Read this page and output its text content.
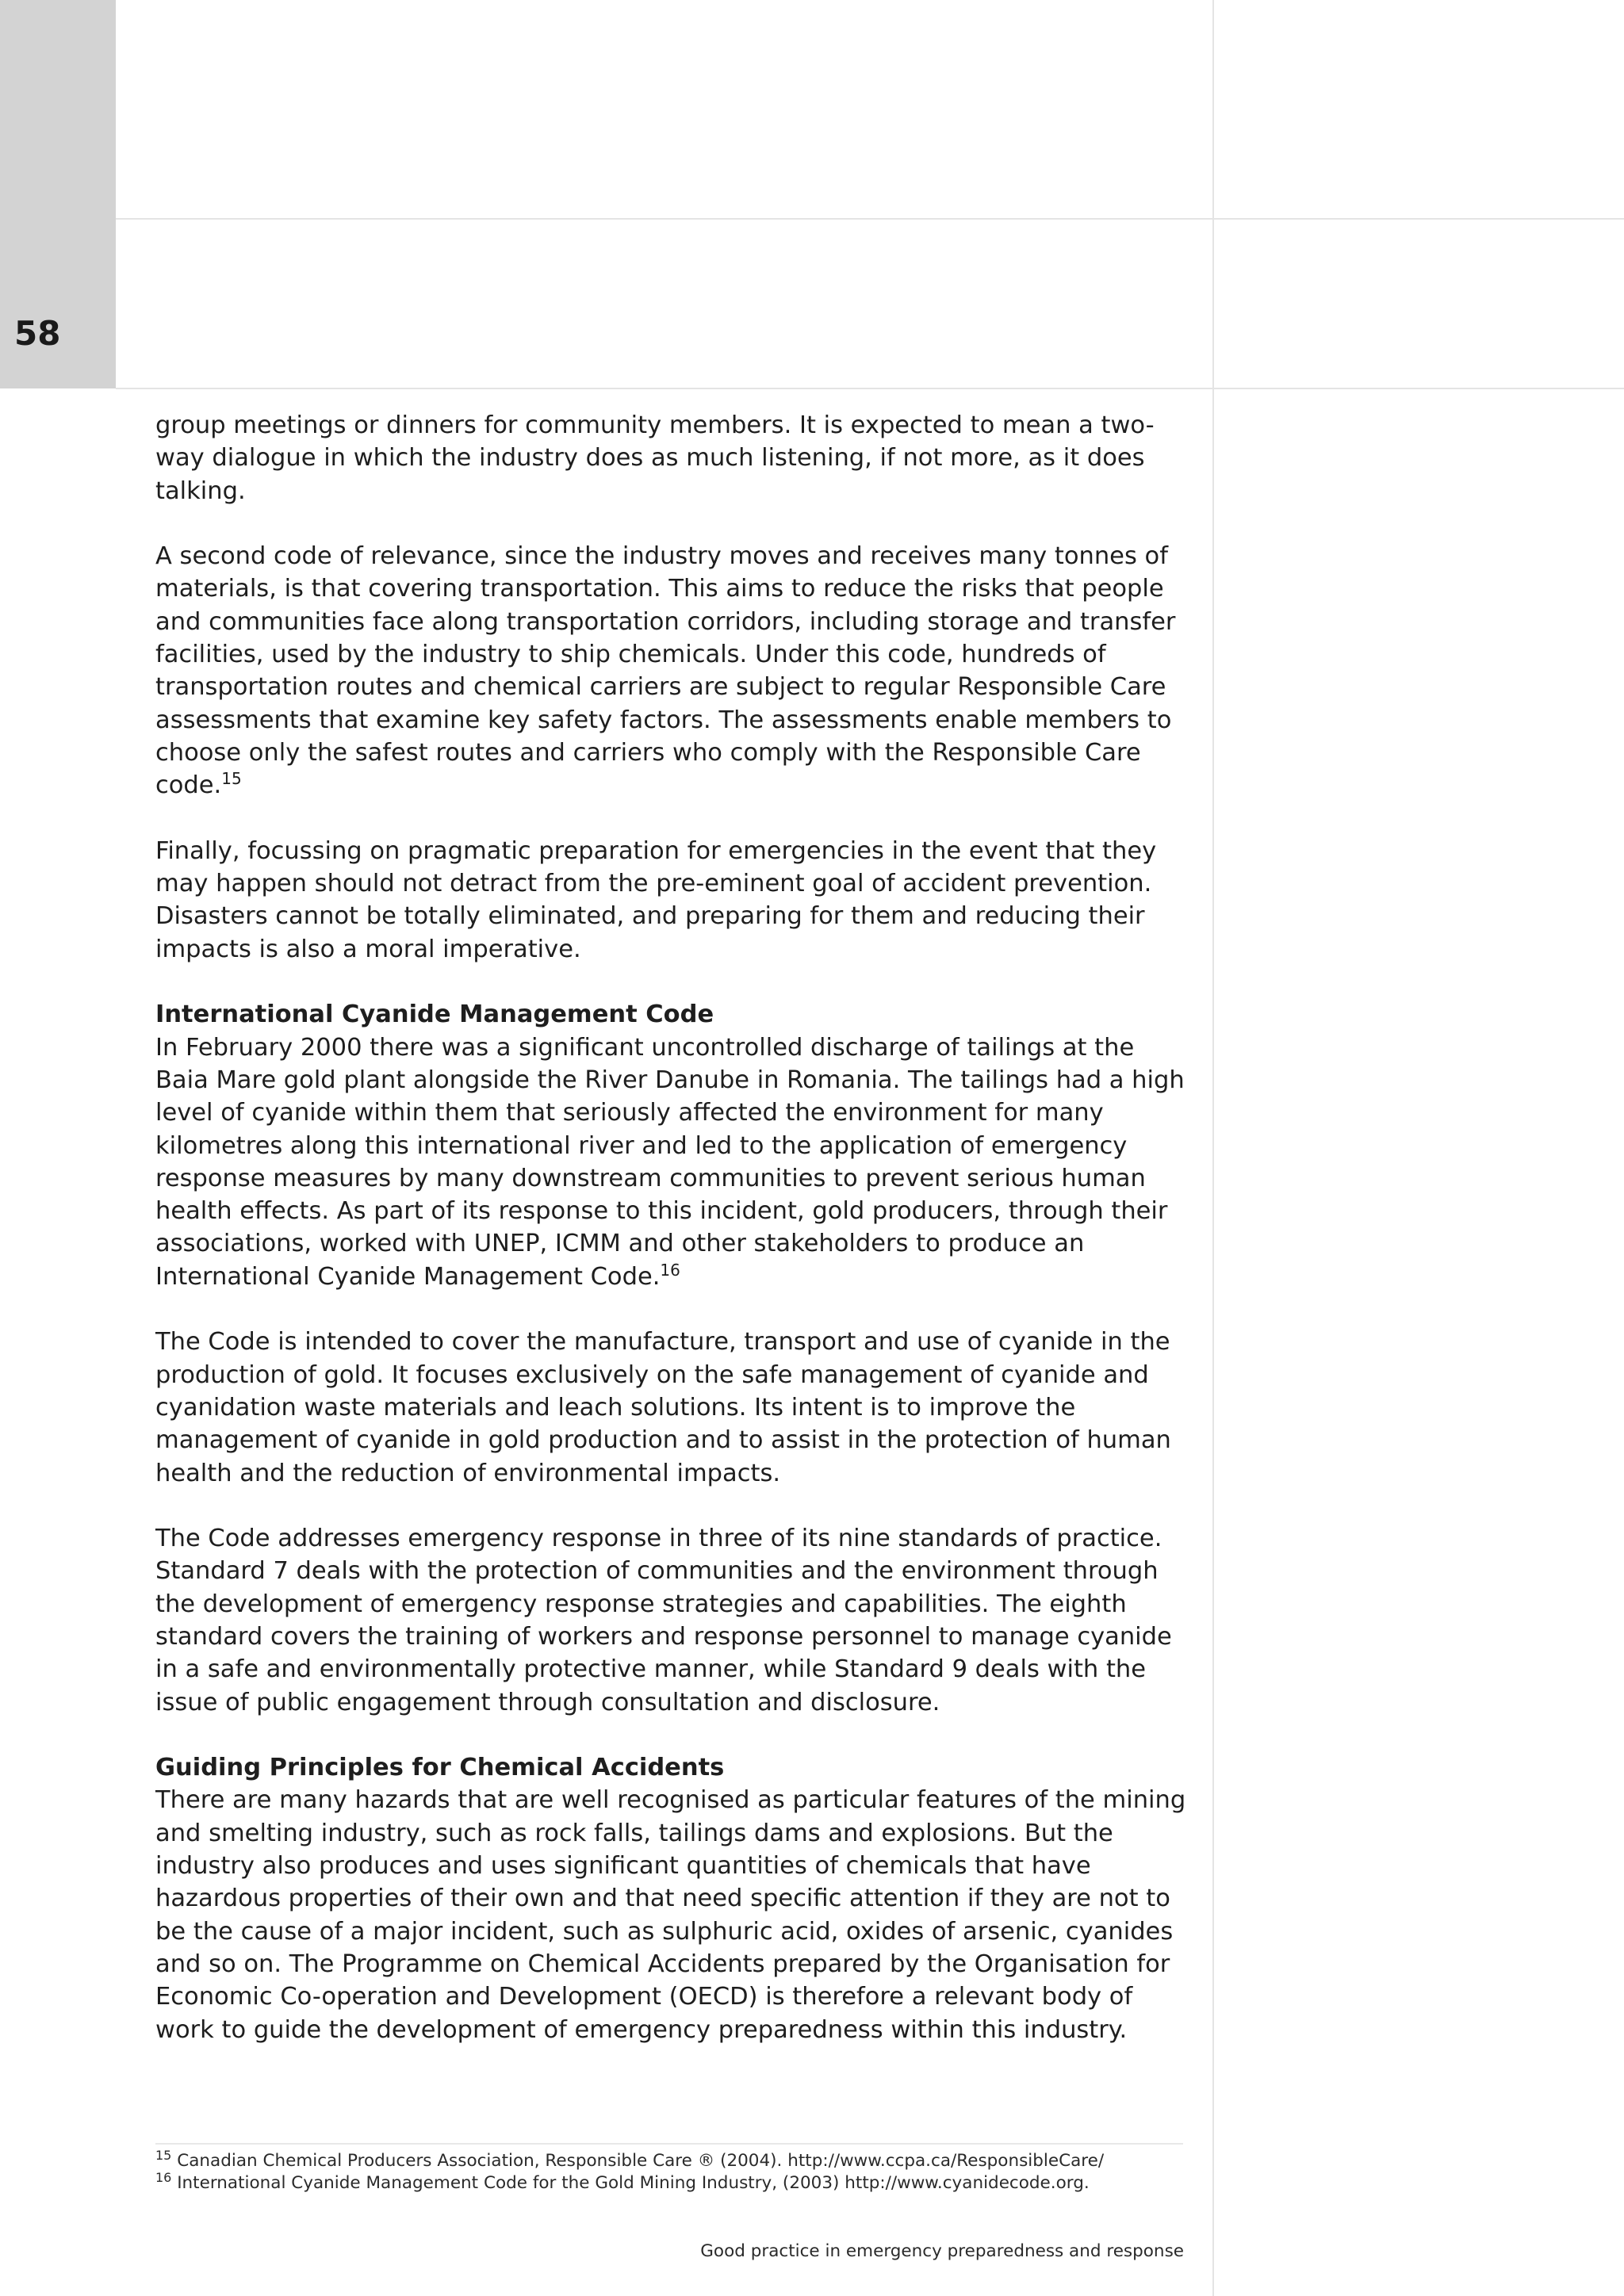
58

group meetings or dinners for community members. It is expected to mean a two-way dialogue in which the industry does as much listening, if not more, as it does talking.

A second code of relevance, since the industry moves and receives many tonnes of materials, is that covering transportation. This aims to reduce the risks that people and communities face along transportation corridors, including storage and transfer facilities, used by the industry to ship chemicals. Under this code, hundreds of transportation routes and chemical carriers are subject to regular Responsible Care assessments that examine key safety factors. The assessments enable members to choose only the safest routes and carriers who comply with the Responsible Care code.$^{15}$

Finally, focussing on pragmatic preparation for emergencies in the event that they may happen should not detract from the pre-eminent goal of accident prevention. Disasters cannot be totally eliminated, and preparing for them and reducing their impacts is also a moral imperative.

International Cyanide Management Code

In February 2000 there was a significant uncontrolled discharge of tailings at the Baia Mare gold plant alongside the River Danube in Romania. The tailings had a high level of cyanide within them that seriously affected the environment for many kilometres along this international river and led to the application of emergency response measures by many downstream communities to prevent serious human health effects. As part of its response to this incident, gold producers, through their associations, worked with UNEP, ICMM and other stakeholders to produce an International Cyanide Management Code.$^{16}$

The Code is intended to cover the manufacture, transport and use of cyanide in the production of gold. It focuses exclusively on the safe management of cyanide and cyanidation waste materials and leach solutions. Its intent is to improve the management of cyanide in gold production and to assist in the protection of human health and the reduction of environmental impacts.

The Code addresses emergency response in three of its nine standards of practice. Standard 7 deals with the protection of communities and the environment through the development of emergency response strategies and capabilities. The eighth standard covers the training of workers and response personnel to manage cyanide in a safe and environmentally protective manner, while Standard 9 deals with the issue of public engagement through consultation and disclosure.

Guiding Principles for Chemical Accidents

There are many hazards that are well recognised as particular features of the mining and smelting industry, such as rock falls, tailings dams and explosions. But the industry also produces and uses significant quantities of chemicals that have hazardous properties of their own and that need specific attention if they are not to be the cause of a major incident, such as sulphuric acid, oxides of arsenic, cyanides and so on. The Programme on Chemical Accidents prepared by the Organisation for Economic Co-operation and Development (OECD) is therefore a relevant body of work to guide the development of emergency preparedness within this industry.

$^{15}$ Canadian Chemical Producers Association, Responsible Care ® (2004). http://www.ccpa.ca/ResponsibleCare/
$^{16}$ International Cyanide Management Code for the Gold Mining Industry, (2003) http://www.cyanidecode.org.
Good practice in emergency preparedness and response
